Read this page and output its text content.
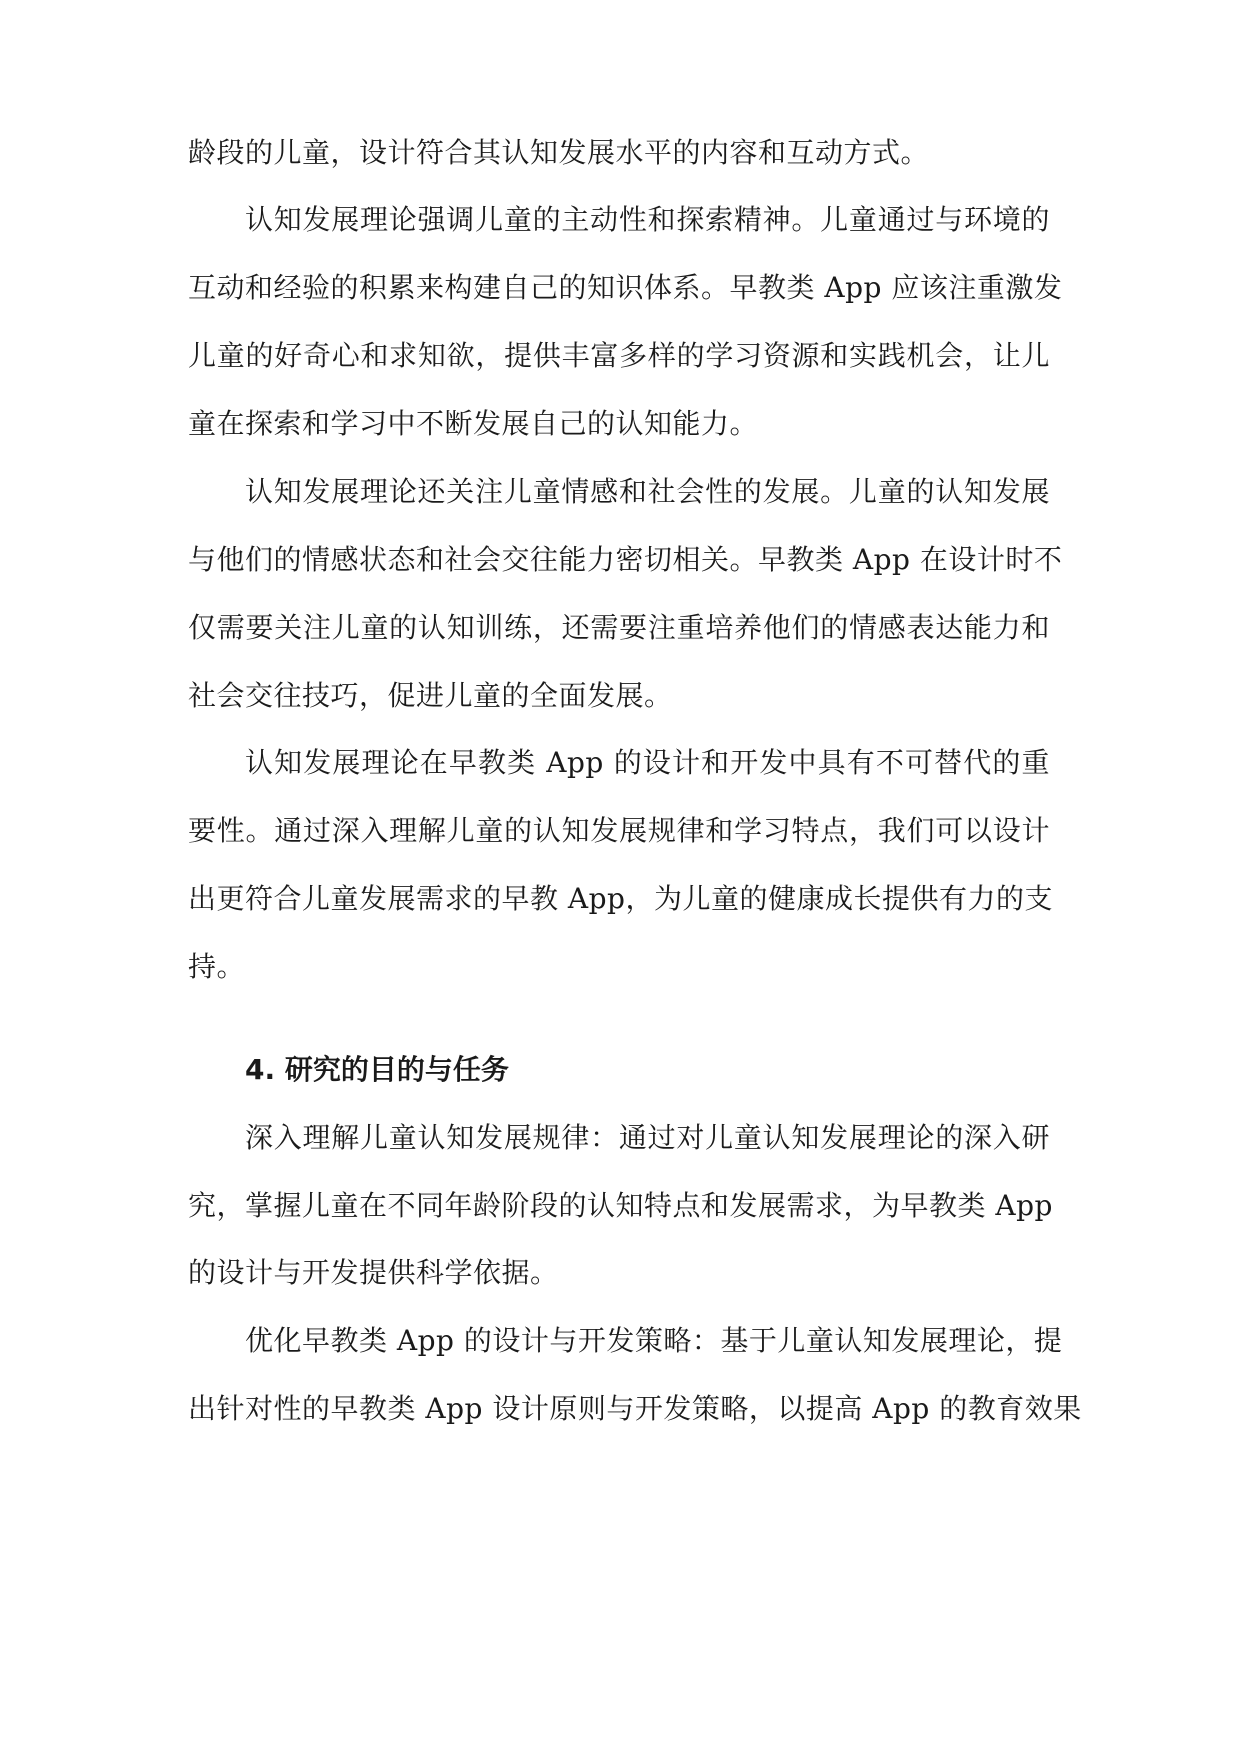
龄段的儿童，设计符合其认知发展水平的内容和互动方式。
认知发展理论强调儿童的主动性和探索精神。儿童通过与环境的
互动和经验的积累来构建自己的知识体系。早教类 App 应该注重激发
儿童的好奇心和求知欲，提供丰富多样的学习资源和实践机会，让儿
童在探索和学习中不断发展自己的认知能力。
认知发展理论还关注儿童情感和社会性的发展。儿童的认知发展
与他们的情感状态和社会交往能力密切相关。早教类 App 在设计时不
仅需要关注儿童的认知训练，还需要注重培养他们的情感表达能力和
社会交往技巧，促进儿童的全面发展。
认知发展理论在早教类 App 的设计和开发中具有不可替代的重
要性。通过深入理解儿童的认知发展规律和学习特点，我们可以设计
出更符合儿童发展需求的早教 App，为儿童的健康成长提供有力的支
持。
4. 研究的目的与任务
深入理解儿童认知发展规律：通过对儿童认知发展理论的深入研
究，掌握儿童在不同年龄阶段的认知特点和发展需求，为早教类 App
的设计与开发提供科学依据。
优化早教类 App 的设计与开发策略：基于儿童认知发展理论，提
出针对性的早教类 App 设计原则与开发策略，以提高 App 的教育效果
